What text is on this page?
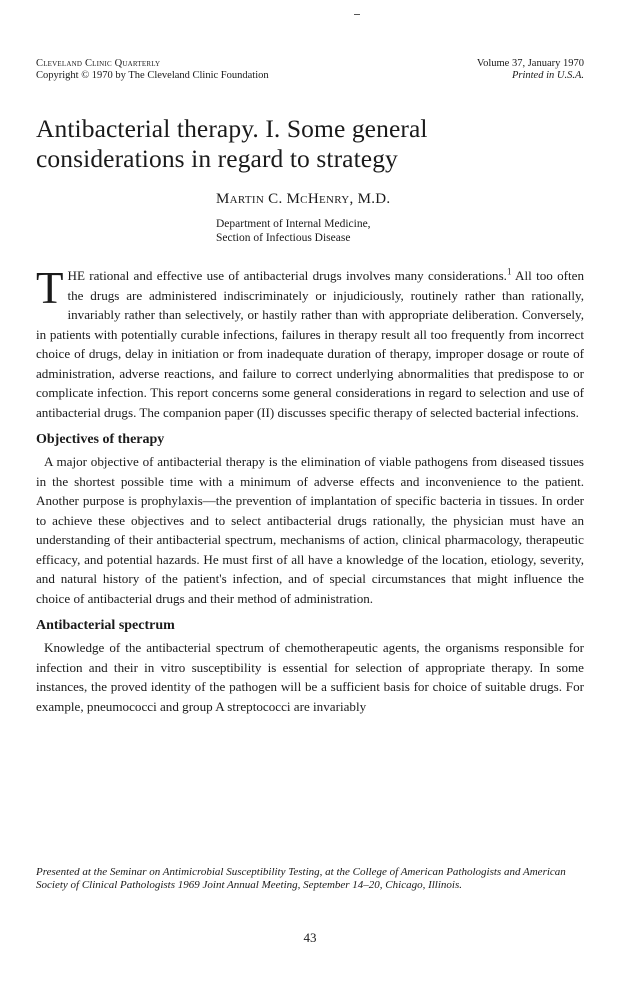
Cleveland Clinic Quarterly
Copyright © 1970 by The Cleveland Clinic Foundation
Volume 37, January 1970
Printed in U.S.A.
Antibacterial therapy. I. Some general
considerations in regard to strategy
Martin C. McHenry, M.D.
Department of Internal Medicine,
Section of Infectious Disease

THE rational and effective use of antibacterial drugs involves many considerations.$^1$ All too often the drugs are administered indiscriminately or injudiciously, routinely rather than rationally, invariably rather than selectively, or hastily rather than with appropriate deliberation. Conversely, in patients with potentially curable infections, failures in therapy result all too frequently from incorrect choice of drugs, delay in initiation or from inadequate duration of therapy, improper dosage or route of administration, adverse reactions, and failure to correct underlying abnormalities that predispose to or complicate infection. This report concerns some general considerations in regard to selection and use of antibacterial drugs. The companion paper (II) discusses specific therapy of selected bacterial infections.

Objectives of therapy

A major objective of antibacterial therapy is the elimination of viable pathogens from diseased tissues in the shortest possible time with a minimum of adverse effects and inconvenience to the patient. Another purpose is prophylaxis—the prevention of implantation of specific bacteria in tissues. In order to achieve these objectives and to select antibacterial drugs rationally, the physician must have an understanding of their antibacterial spectrum, mechanisms of action, clinical pharmacology, therapeutic efficacy, and potential hazards. He must first of all have a knowledge of the location, etiology, severity, and natural history of the patient's infection, and of special circumstances that might influence the choice of antibacterial drugs and their method of administration.

Antibacterial spectrum

Knowledge of the antibacterial spectrum of chemotherapeutic agents, the organisms responsible for infection and their in vitro susceptibility is essential for selection of appropriate therapy. In some instances, the proved identity of the pathogen will be a sufficient basis for choice of suitable drugs. For example, pneumococci and group A streptococci are invariably

Presented at the Seminar on Antimicrobial Susceptibility Testing, at the College of American Pathologists and American Society of Clinical Pathologists 1969 Joint Annual Meeting, September 14–20, Chicago, Illinois.
43
